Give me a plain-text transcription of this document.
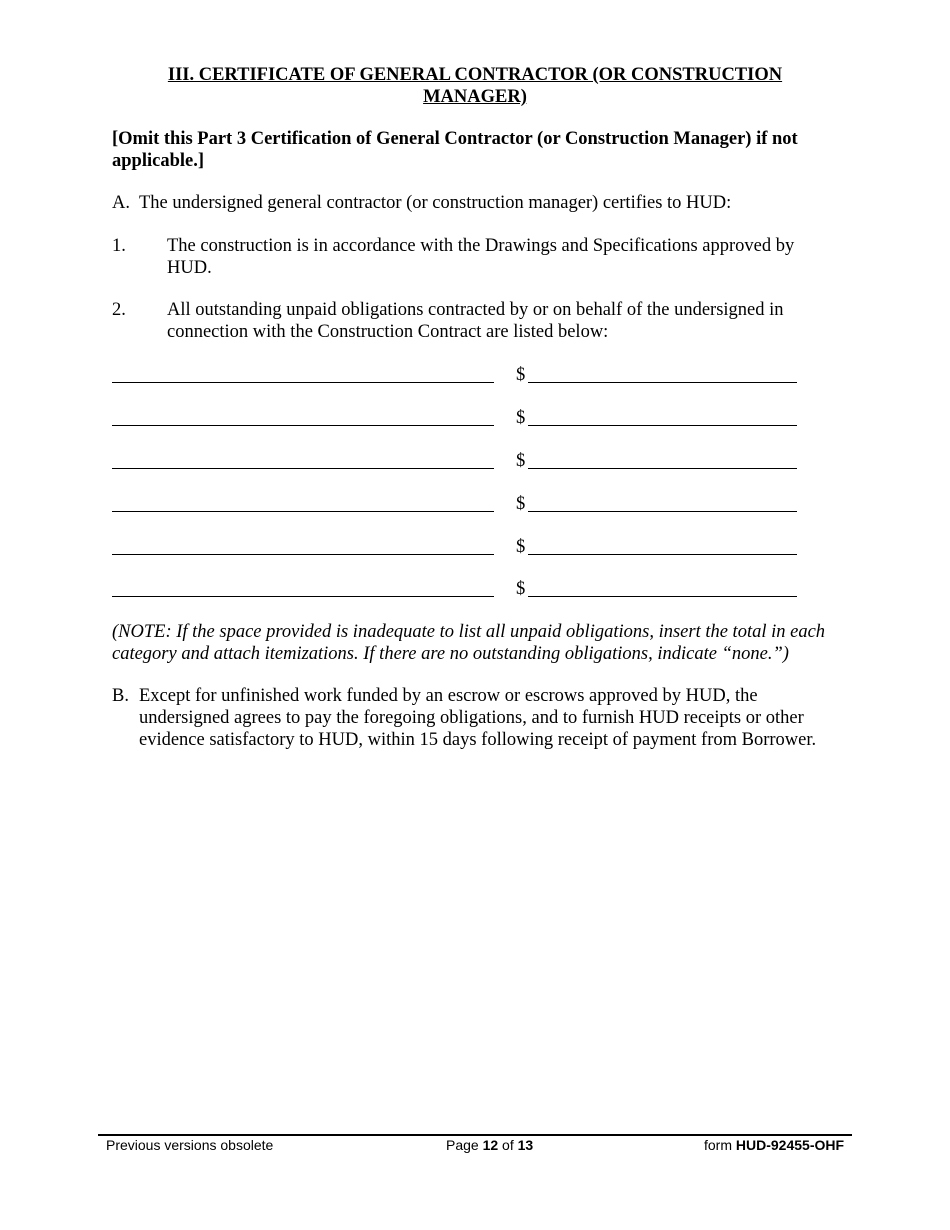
III. CERTIFICATE OF GENERAL CONTRACTOR (OR CONSTRUCTION
MANAGER)
[Omit this Part 3 Certification of General Contractor (or Construction Manager) if not applicable.]
A. The undersigned general contractor (or construction manager) certifies to HUD:
1. The construction is in accordance with the Drawings and Specifications approved by
HUD.
2. All outstanding unpaid obligations contracted by or on behalf of the undersigned in
connection with the Construction Contract are listed below:
$
$
$
$
$
$
(NOTE: If the space provided is inadequate to list all unpaid obligations, insert the total in each
category and attach itemizations. If there are no outstanding obligations, indicate “none.”)
B. Except for unfinished work funded by an escrow or escrows approved by HUD, the
undersigned agrees to pay the foregoing obligations, and to furnish HUD receipts or other
evidence satisfactory to HUD, within 15 days following receipt of payment from Borrower.
Previous versions obsolete	Page 12 of 13	form HUD-92455-OHF
